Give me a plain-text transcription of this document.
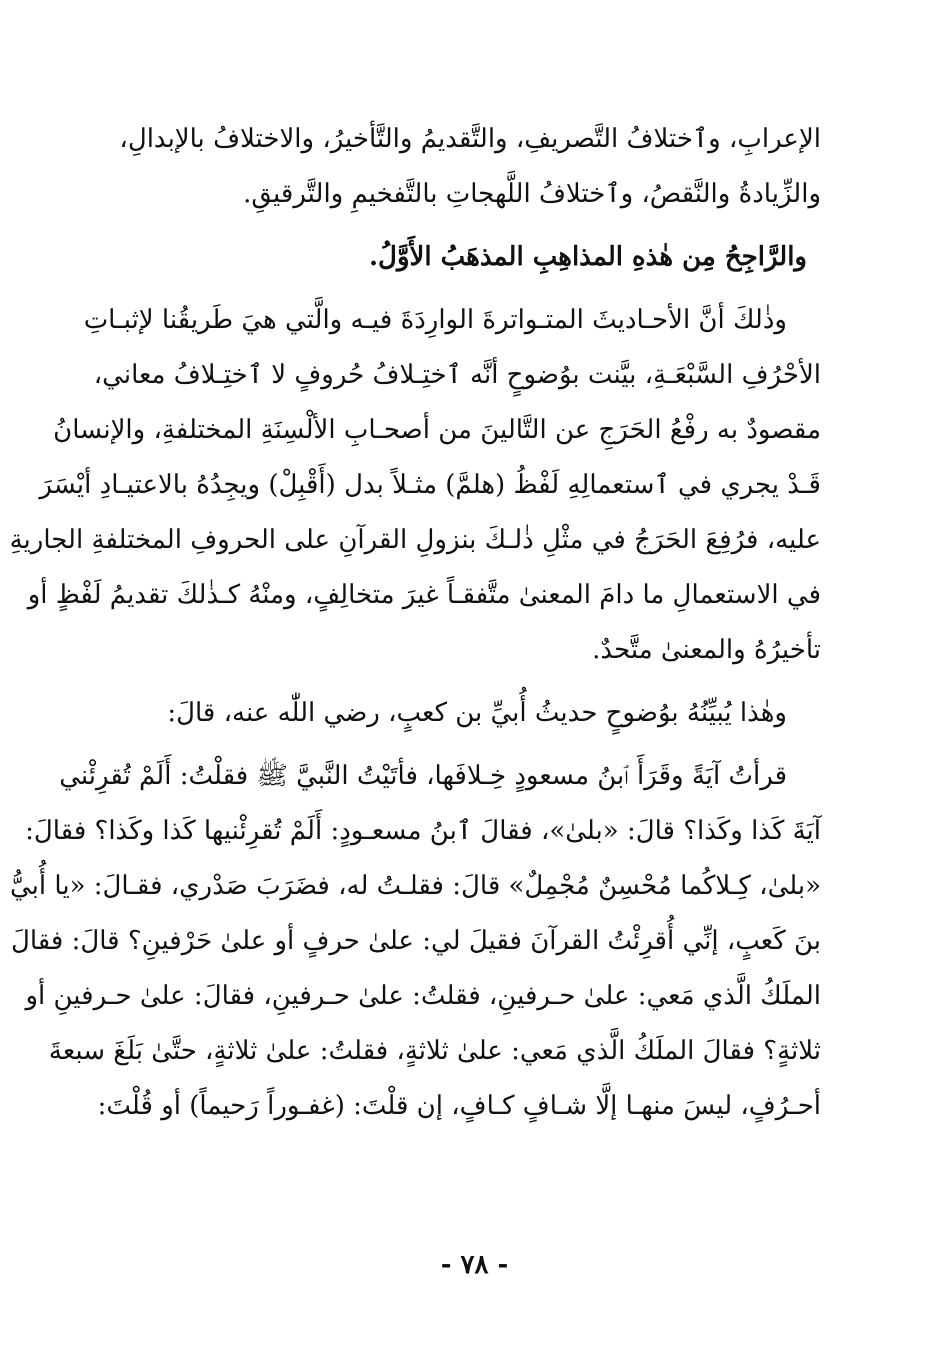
الإعرابِ، وٱختلافُ التَّصريفِ، والتَّقديمُ والتَّأخيرُ، والاختلافُ بالإبدالِ،
والزِّيادةُ والنَّقصُ، وٱختلافُ اللَّهجاتِ بالتَّفخيمِ والتَّرقيقِ.
والرَّاجِحُ مِن هٰذهِ المذاهِبِ المذهَبُ الأَوَّلُ.
وذٰلكَ أنَّ الأحـاديثَ المتـواترةَ الوارِدَةَ فيـه والَّتي هيَ طَريقُنا لإثبـاتِ
الأحْرُفِ السَّبْعَـةِ، بيَّنت بوُضوحٍ أنَّه ٱختِـلافُ حُروفٍ لا ٱختِـلافُ معاني،
مقصودٌ به رفْعُ الحَرَجِ عن التَّالينَ من أصحـابِ الألْسِنَةِ المختلفةِ، والإنسانُ
قَـدْ يجري في ٱستعمالِهِ لَفْظُ (هلمَّ) مثـلاً بدل (أَقْبِلْ) ويجِدُهُ بالاعتيـادِ أيْسَرَ
عليه، فرُفِعَ الحَرَجُ في مثْلِ ذٰلـكَ بنزولِ القرآنِ على الحروفِ المختلفةِ الجاريةِ
في الاستعمالِ ما دامَ المعنىٰ متَّفقـاً غيرَ متخالِفٍ، ومنْهُ كـذٰلكَ تقديمُ لَفْظٍ أو
تأخيرُهُ والمعنىٰ متَّحدٌ.
وهٰذا يُبيِّنُهُ بوُضوحٍ حديثُ أُبيِّ بن كعبٍ، رضي اللّٰه عنه، قالَ:
قرأتُ آيَةً وقَرَأَ ٱبنُ مسعودٍ خِـلافَها، فأتَيْتُ النَّبيَّ ﷺ فقلْتُ: أَلَمْ تُقرِئْني
آيَةَ كَذا وكَذا؟ قالَ: «بلىٰ»، فقالَ ٱبنُ مسعـودٍ: أَلَمْ تُقرِئْنيها كَذا وكَذا؟ فقالَ:
«بلىٰ، كِـلاكُما مُحْسِنٌ مُجْمِلٌ» قالَ: فقلـتُ له، فضَرَبَ صَدْري، فقـالَ: «يا أُبيُّ
بنَ كَعبٍ، إنِّي أُقرِئْتُ القرآنَ فقيلَ لي: علىٰ حرفٍ أو علىٰ حَرْفينِ؟ قالَ: فقالَ
الملَكُ الَّذي مَعي: علىٰ حـرفينِ، فقلتُ: علىٰ حـرفينِ، فقالَ: علىٰ حـرفينِ أو
ثلاثةٍ؟ فقالَ الملَكُ الَّذي مَعي: علىٰ ثلاثةٍ، فقلتُ: علىٰ ثلاثةٍ، حتَّىٰ بَلَغَ سبعةَ
أحـرُفٍ، ليسَ منهـا إلَّا شـافٍ كـافٍ، إن قلْتَ: (غفـوراً رَحيماً) أو قُلْتَ:
- ٧٨ -
